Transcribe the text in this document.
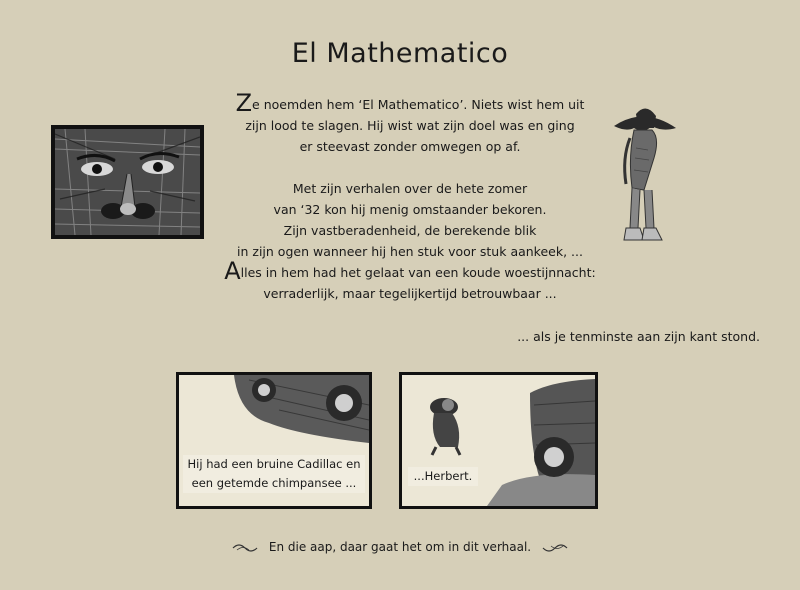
El Mathematico

Ze noemden hem ‘El Mathematico’. Niets wist hem uit

zijn lood te slagen. Hij wist wat zijn doel was en ging

er steevast zonder omwegen op af.

Met zijn verhalen over de hete zomer

van ‘32 kon hij menig omstaander bekoren.

Zijn vastberadenheid, de berekende blik

in zijn ogen wanneer hij hen stuk voor stuk aankeek, ...

Alles in hem had het gelaat van een koude woestijnnacht:

verraderlijk, maar tegelijkertijd betrouwbaar ...

... als je tenminste aan zijn kant stond.
Hij had een bruine Cadillac en
een getemde chimpansee ...	...Herbert.
En die aap, daar gaat het om in dit verhaal.
